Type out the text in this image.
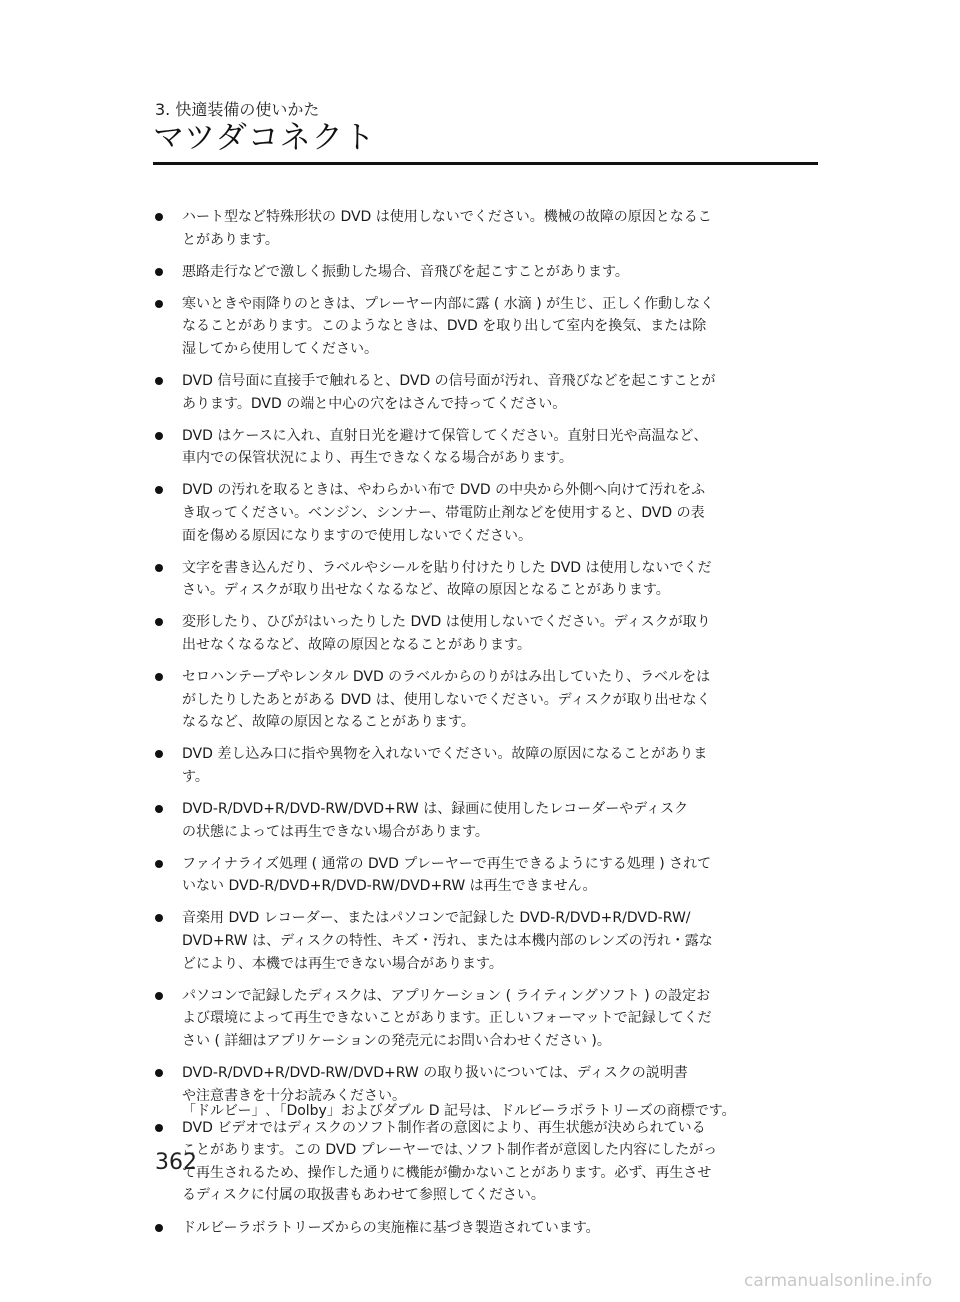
3. 快適装備の使いかた
マツダコネクト
ハート型など特殊形状の DVD は使用しないでください。機械の故障の原因となるこ
とがあります。
悪路走行などで激しく振動した場合、音飛びを起こすことがあります。
寒いときや雨降りのときは、プレーヤー内部に露 ( 水滴 ) が生じ、正しく作動しなく
なることがあります。このようなときは、DVD を取り出して室内を換気、または除
湿してから使用してください。
DVD 信号面に直接手で触れると、DVD の信号面が汚れ、音飛びなどを起こすことが
あります。DVD の端と中心の穴をはさんで持ってください。
DVD はケースに入れ、直射日光を避けて保管してください。直射日光や高温など、
車内での保管状況により、再生できなくなる場合があります。
DVD の汚れを取るときは、やわらかい布で DVD の中央から外側へ向けて汚れをふ
き取ってください。ベンジン、シンナー、帯電防止剤などを使用すると、DVD の表
面を傷める原因になりますので使用しないでください。
文字を書き込んだり、ラベルやシールを貼り付けたりした DVD は使用しないでくだ
さい。ディスクが取り出せなくなるなど、故障の原因となることがあります。
変形したり、ひびがはいったりした DVD は使用しないでください。ディスクが取り
出せなくなるなど、故障の原因となることがあります。
セロハンテープやレンタル DVD のラベルからのりがはみ出していたり、ラベルをは
がしたりしたあとがある DVD は、使用しないでください。ディスクが取り出せなく
なるなど、故障の原因となることがあります。
DVD 差し込み口に指や異物を入れないでください。故障の原因になることがありま
す。
DVD-R/DVD+R/DVD-RW/DVD+RW は、録画に使用したレコーダーやディスク
の状態によっては再生できない場合があります。
ファイナライズ処理 ( 通常の DVD プレーヤーで再生できるようにする処理 ) されて
いない DVD-R/DVD+R/DVD-RW/DVD+RW は再生できません。
音楽用 DVD レコーダー、またはパソコンで記録した DVD-R/DVD+R/DVD-RW/
DVD+RW は、ディスクの特性、キズ・汚れ、または本機内部のレンズの汚れ・露な
どにより、本機では再生できない場合があります。
パソコンで記録したディスクは、アプリケーション ( ライティングソフト ) の設定お
よび環境によって再生できないことがあります。正しいフォーマットで記録してくだ
さい ( 詳細はアプリケーションの発売元にお問い合わせください )。
DVD-R/DVD+R/DVD-RW/DVD+RW の取り扱いについては、ディスクの説明書
や注意書きを十分お読みください。
DVD ビデオではディスクのソフト制作者の意図により、再生状態が決められている
ことがあります。この DVD プレーヤーでは､ソフト制作者が意図した内容にしたがっ
て再生されるため、操作した通りに機能が働かないことがあります。必ず、再生させ
るディスクに付属の取扱書もあわせて参照してください。
ドルビーラボラトリーズからの実施権に基づき製造されています。
「ドルビー」､「Dolby」およびダブル D 記号は、ドルビーラボラトリーズの商標です。
362
carmanualsonline.info
